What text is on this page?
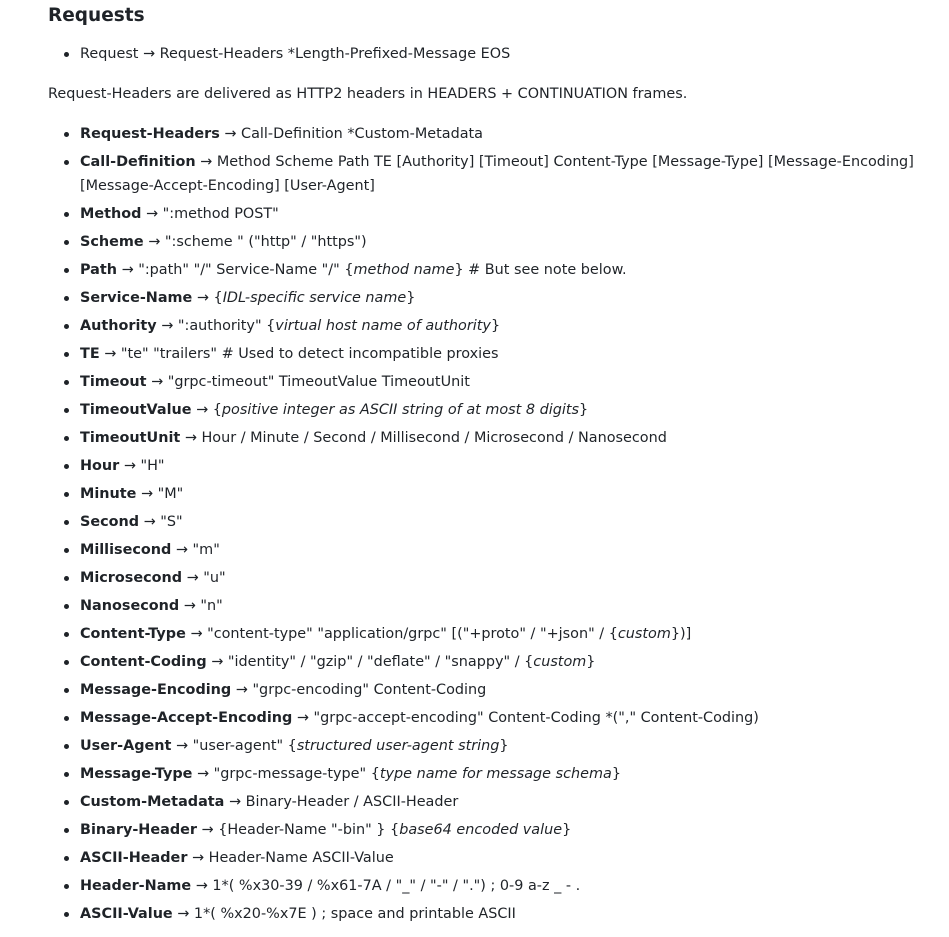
Requests
Request → Request-Headers *Length-Prefixed-Message EOS

Request-Headers are delivered as HTTP2 headers in HEADERS + CONTINUATION frames.

Request-Headers → Call-Definition *Custom-Metadata
Call-Definition → Method Scheme Path TE [Authority] [Timeout] Content-Type [Message-Type] [Message-Encoding] [Message-Accept-Encoding] [User-Agent]
Method → ":method POST"
Scheme → ":scheme " ("http" / "https")
Path → ":path" "/" Service-Name "/" {method name} # But see note below.
Service-Name → {IDL-specific service name}
Authority → ":authority" {virtual host name of authority}
TE → "te" "trailers" # Used to detect incompatible proxies
Timeout → "grpc-timeout" TimeoutValue TimeoutUnit
TimeoutValue → {positive integer as ASCII string of at most 8 digits}
TimeoutUnit → Hour / Minute / Second / Millisecond / Microsecond / Nanosecond
Hour → "H"
Minute → "M"
Second → "S"
Millisecond → "m"
Microsecond → "u"
Nanosecond → "n"
Content-Type → "content-type" "application/grpc" [("+proto" / "+json" / {custom})]
Content-Coding → "identity" / "gzip" / "deflate" / "snappy" / {custom}
Message-Encoding → "grpc-encoding" Content-Coding
Message-Accept-Encoding → "grpc-accept-encoding" Content-Coding *("," Content-Coding)
User-Agent → "user-agent" {structured user-agent string}
Message-Type → "grpc-message-type" {type name for message schema}
Custom-Metadata → Binary-Header / ASCII-Header
Binary-Header → {Header-Name "-bin" } {base64 encoded value}
ASCII-Header → Header-Name ASCII-Value
Header-Name → 1*( %x30-39 / %x61-7A / "_" / "-" / ".") ; 0-9 a-z _ - .
ASCII-Value → 1*( %x20-%x7E ) ; space and printable ASCII
